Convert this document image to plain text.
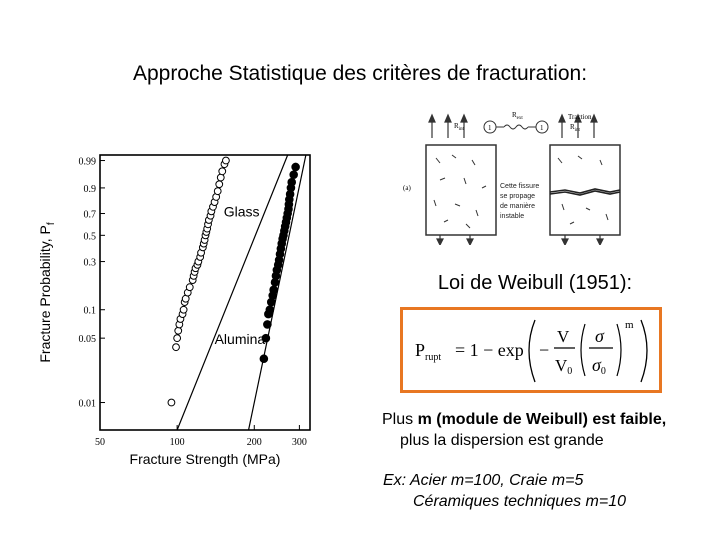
Approche Statistique des critères de fracturation:
0.99
0.9
0.7
0.5
0.3
0.1
0.05
0.01
50	100	200	300
Fracture Strength (MPa)
Fracture Probability, $P_f$
Glass
Alumina
$R_{int}$
$R_{ext}$	Traction
$R_{int}$
1	1
(a)	Cette fissure
se propage
de manière
instable
Loi de Weibull (1951):
$P_{rupt} = 1 - \exp$ −
V
V0
σ
σ0
m
Plus m (module de Weibull) est faible,
plus la dispersion est grande
Ex: Acier m=100, Craie m=5
Céramiques techniques m=10
